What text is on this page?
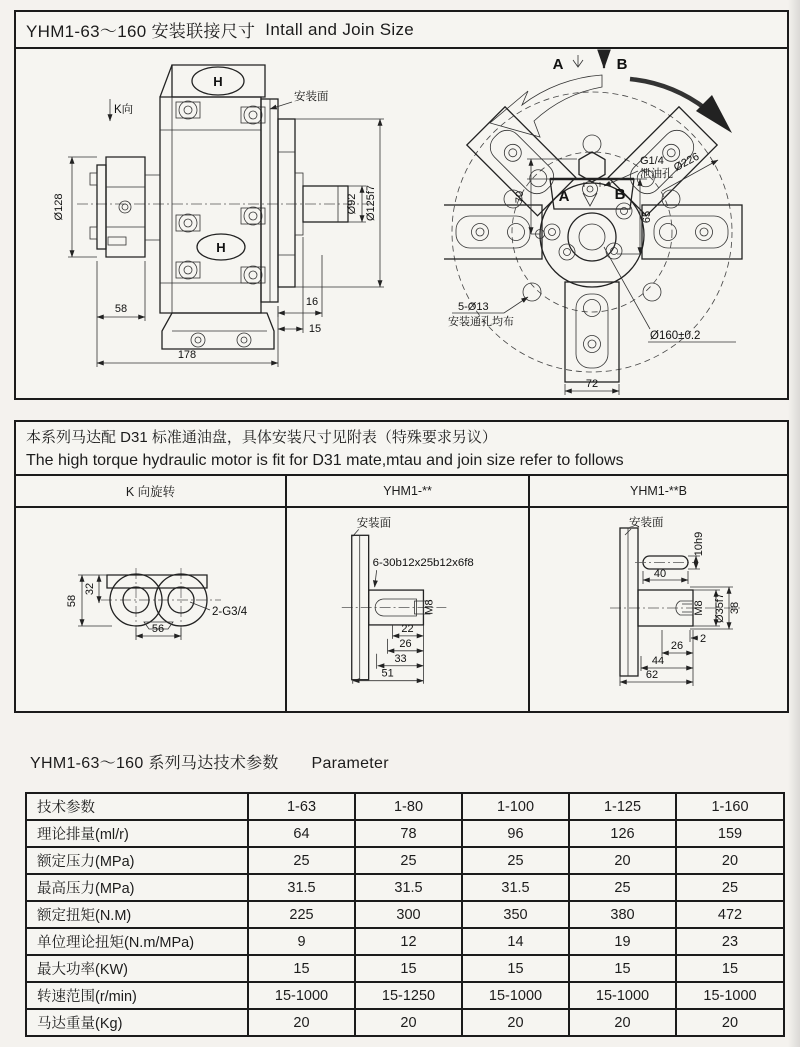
YHM1-63～160 安装联接尺寸 Intall and Join Size
K向
安装面
H
H
Ø128	Ø92 Ø125f7
58
16
15
178
A	B
A	B
G1/4
泄油孔
Ø226
70
65
5-Ø13
安装通孔均布
Ø160±0.2
72
本系列马达配 D31 标准通油盘，具体安装尺寸见附表（特殊要求另议）
The high torque hydraulic motor is fit for D31 mate,mtau and join size refer to follows
K 向旋转	YHM1-**	YHM1-**B
58
32
56
2-G3/4
安装面
M8
6-30b12x25b12x6f8
22
26
33
51
安装面
10h9
40
M8 Ø35f7 38
2
26
44
62
YHM1-63～160 系列马达技术参数 Parameter
技术参数	1-63	1-80	1-100	1-125	1-160
理论排量(ml/r)	64	78	96	126	159
额定压力(MPa)	25	25	25	20	20
最高压力(MPa)	31.5	31.5	31.5	25	25
额定扭矩(N.M)	225	300	350	380	472
单位理论扭矩(N.m/MPa)	9	12	14	19	23
最大功率(KW)	15	15	15	15	15
转速范围(r/min)	15-1000	15-1250	15-1000	15-1000	15-1000
马达重量(Kg)	20	20	20	20	20
